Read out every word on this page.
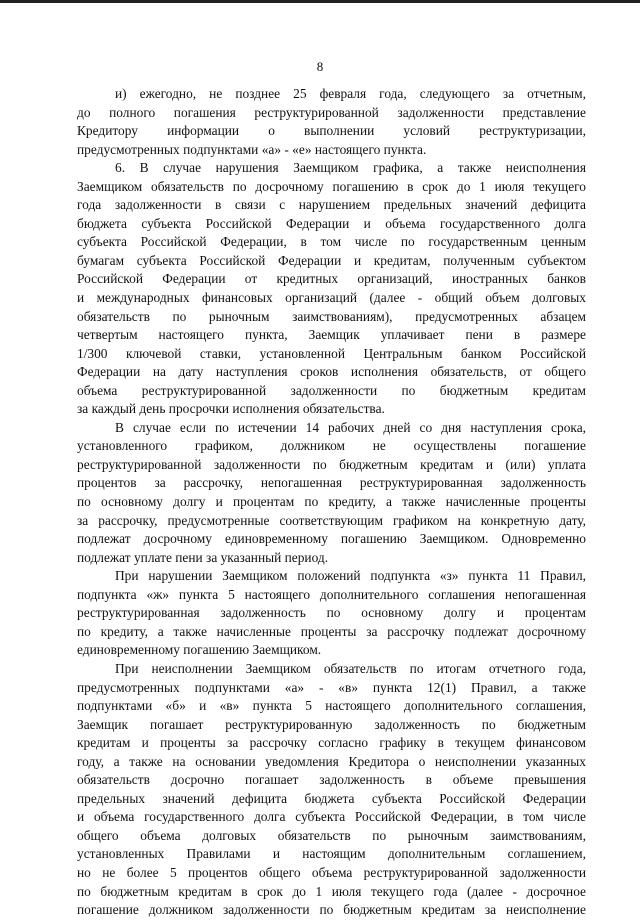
8
и) ежегодно, не позднее 25 февраля года, следующего за отчетным,
до полного погашения реструктурированной задолженности представление
Кредитору информации о выполнении условий реструктуризации,
предусмотренных подпунктами «а» - «е» настоящего пункта.
6. В случае нарушения Заемщиком графика, а также неисполнения
Заемщиком обязательств по досрочному погашению в срок до 1 июля текущего
года задолженности в связи с нарушением предельных значений дефицита
бюджета субъекта Российской Федерации и объема государственного долга
субъекта Российской Федерации, в том числе по государственным ценным
бумагам субъекта Российской Федерации и кредитам, полученным субъектом
Российской Федерации от кредитных организаций, иностранных банков
и международных финансовых организаций (далее - общий объем долговых
обязательств по рыночным заимствованиям), предусмотренных абзацем
четвертым настоящего пункта, Заемщик уплачивает пени в размере
1/300 ключевой ставки, установленной Центральным банком Российской
Федерации на дату наступления сроков исполнения обязательств, от общего
объема реструктурированной задолженности по бюджетным кредитам
за каждый день просрочки исполнения обязательства.
В случае если по истечении 14 рабочих дней со дня наступления срока,
установленного графиком, должником не осуществлены погашение
реструктурированной задолженности по бюджетным кредитам и (или) уплата
процентов за рассрочку, непогашенная реструктурированная задолженность
по основному долгу и процентам по кредиту, а также начисленные проценты
за рассрочку, предусмотренные соответствующим графиком на конкретную дату,
подлежат досрочному единовременному погашению Заемщиком. Одновременно
подлежат уплате пени за указанный период.
При нарушении Заемщиком положений подпункта «з» пункта 11 Правил,
подпункта «ж» пункта 5 настоящего дополнительного соглашения непогашенная
реструктурированная задолженность по основному долгу и процентам
по кредиту, а также начисленные проценты за рассрочку подлежат досрочному
единовременному погашению Заемщиком.
При неисполнении Заемщиком обязательств по итогам отчетного года,
предусмотренных подпунктами «а» - «в» пункта 12(1) Правил, а также
подпунктами «б» и «в» пункта 5 настоящего дополнительного соглашения,
Заемщик погашает реструктурированную задолженность по бюджетным
кредитам и проценты за рассрочку согласно графику в текущем финансовом
году, а также на основании уведомления Кредитора о неисполнении указанных
обязательств досрочно погашает задолженность в объеме превышения
предельных значений дефицита бюджета субъекта Российской Федерации
и объема государственного долга субъекта Российской Федерации, в том числе
общего объема долговых обязательств по рыночным заимствованиям,
установленных Правилами и настоящим дополнительным соглашением,
но не более 5 процентов общего объема реструктурированной задолженности
по бюджетным кредитам в срок до 1 июля текущего года (далее - досрочное
погашение должником задолженности по бюджетным кредитам за неисполнение
